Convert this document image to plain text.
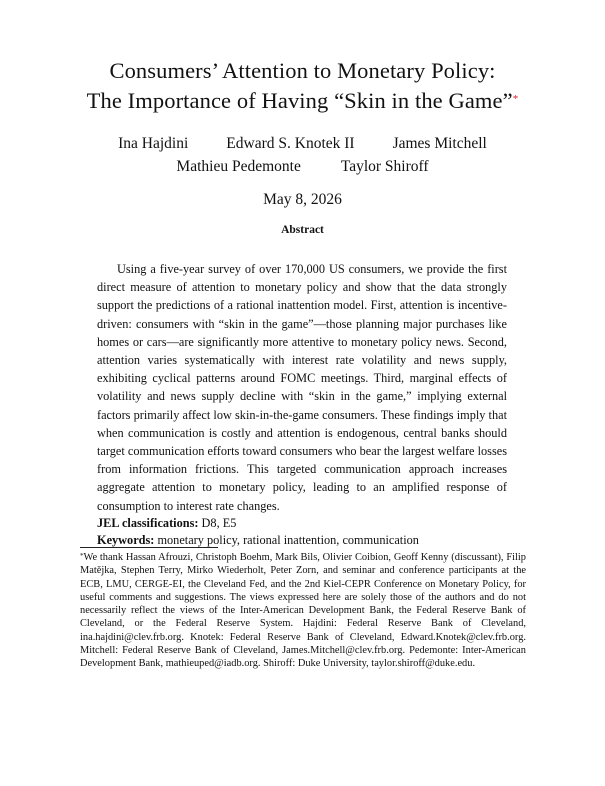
Consumers’ Attention to Monetary Policy:
The Importance of Having “Skin in the Game”*
Ina Hajdini Edward S. Knotek II James Mitchell
Mathieu Pedemonte	Taylor Shiroff
May 8, 2026
Abstract

Using a five-year survey of over 170,000 US consumers, we provide the first direct measure of attention to monetary policy and show that the data strongly support the predictions of a rational inattention model. First, attention is incentive-driven: consumers with “skin in the game”—those planning major purchases like homes or cars—are significantly more attentive to monetary policy news. Second, attention varies systematically with interest rate volatility and news supply, exhibiting cyclical patterns around FOMC meetings. Third, marginal effects of volatility and news supply decline with “skin in the game,” implying external factors primarily affect low skin-in-the-game consumers. These findings imply that when communication is costly and attention is endogenous, central banks should target communication efforts toward consumers who bear the largest welfare losses from information frictions. This targeted communication approach increases aggregate attention to monetary policy, leading to an amplified response of consumption to interest rate changes.

JEL classifications: D8, E5

Keywords: monetary policy, rational inattention, communication

*We thank Hassan Afrouzi, Christoph Boehm, Mark Bils, Olivier Coibion, Geoff Kenny (discussant), Filip Matějka, Stephen Terry, Mirko Wiederholt, Peter Zorn, and seminar and conference participants at the ECB, LMU, CERGE-EI, the Cleveland Fed, and the 2nd Kiel-CEPR Conference on Monetary Policy, for useful comments and suggestions. The views expressed here are solely those of the authors and do not necessarily reflect the views of the Inter-American Development Bank, the Federal Reserve Bank of Cleveland, or the Federal Reserve System. Hajdini: Federal Reserve Bank of Cleveland, ina.hajdini@clev.frb.org. Knotek: Federal Reserve Bank of Cleveland, Edward.Knotek@clev.frb.org. Mitchell: Federal Reserve Bank of Cleveland, James.Mitchell@clev.frb.org. Pedemonte: Inter-American Development Bank, mathieuped@iadb.org. Shiroff: Duke University, taylor.shiroff@duke.edu.
